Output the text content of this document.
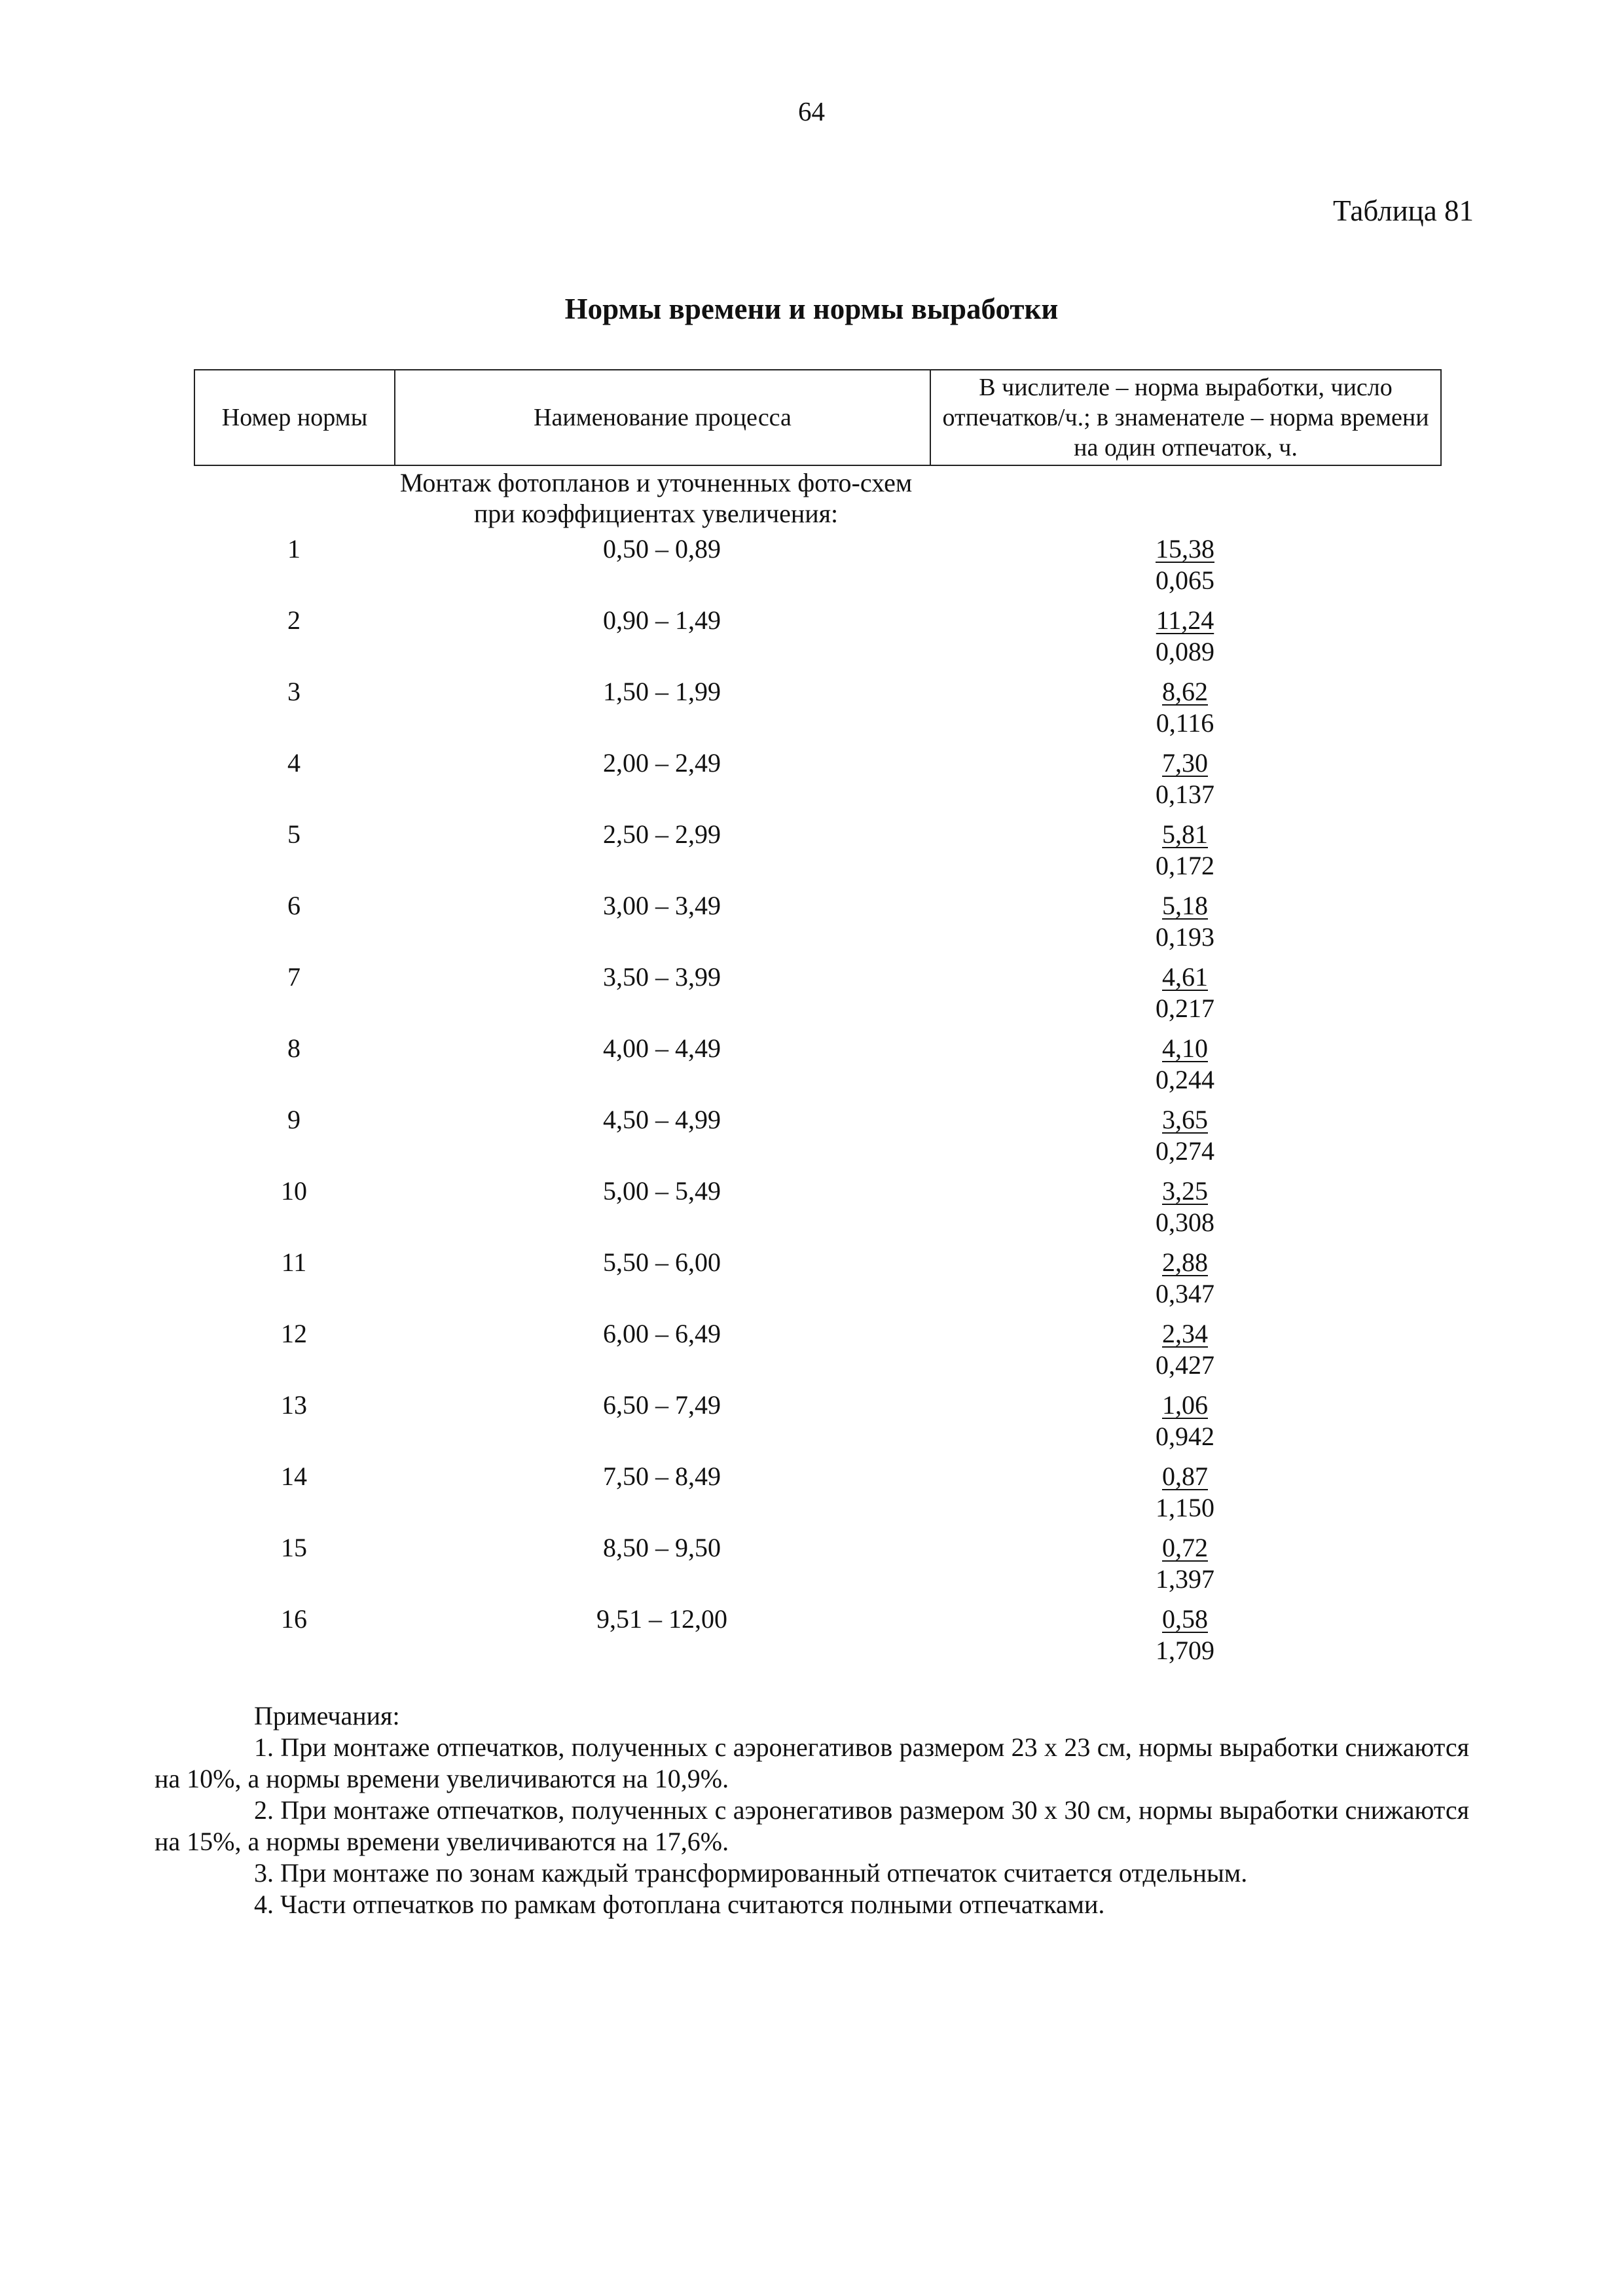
64
Таблица 81
Нормы времени и нормы выработки
Номер нормы	Наименование процесса	В числителе – норма выработки, число отпечатков/ч.; в знаменателе – норма времени на один отпечаток, ч.
Монтаж фотопланов и уточненных фото-схем при коэффициентах увеличения:
1	0,50 – 0,89	15,38
0,065
2	0,90 – 1,49	11,24
0,089
3	1,50 – 1,99	8,62
0,116
4	2,00 – 2,49	7,30
0,137
5	2,50 – 2,99	5,81
0,172
6	3,00 – 3,49	5,18
0,193
7	3,50 – 3,99	4,61
0,217
8	4,00 – 4,49	4,10
0,244
9	4,50 – 4,99	3,65
0,274
10	5,00 – 5,49	3,25
0,308
11	5,50 – 6,00	2,88
0,347
12	6,00 – 6,49	2,34
0,427
13	6,50 – 7,49	1,06
0,942
14	7,50 – 8,49	0,87
1,150
15	8,50 – 9,50	0,72
1,397
16	9,51 – 12,00	0,58
1,709

Примечания:

1. При монтаже отпечатков, полученных с аэронегативов размером 23 х 23 см, нормы выработки снижаются на 10%, а нормы времени увеличиваются на 10,9%.

2. При монтаже отпечатков, полученных с аэронегативов размером 30 х 30 см, нормы выработки снижаются на 15%, а нормы времени увеличиваются на 17,6%.

3. При монтаже по зонам каждый трансформированный отпечаток считается отдельным.

4. Части отпечатков по рамкам фотоплана считаются полными отпечатками.
